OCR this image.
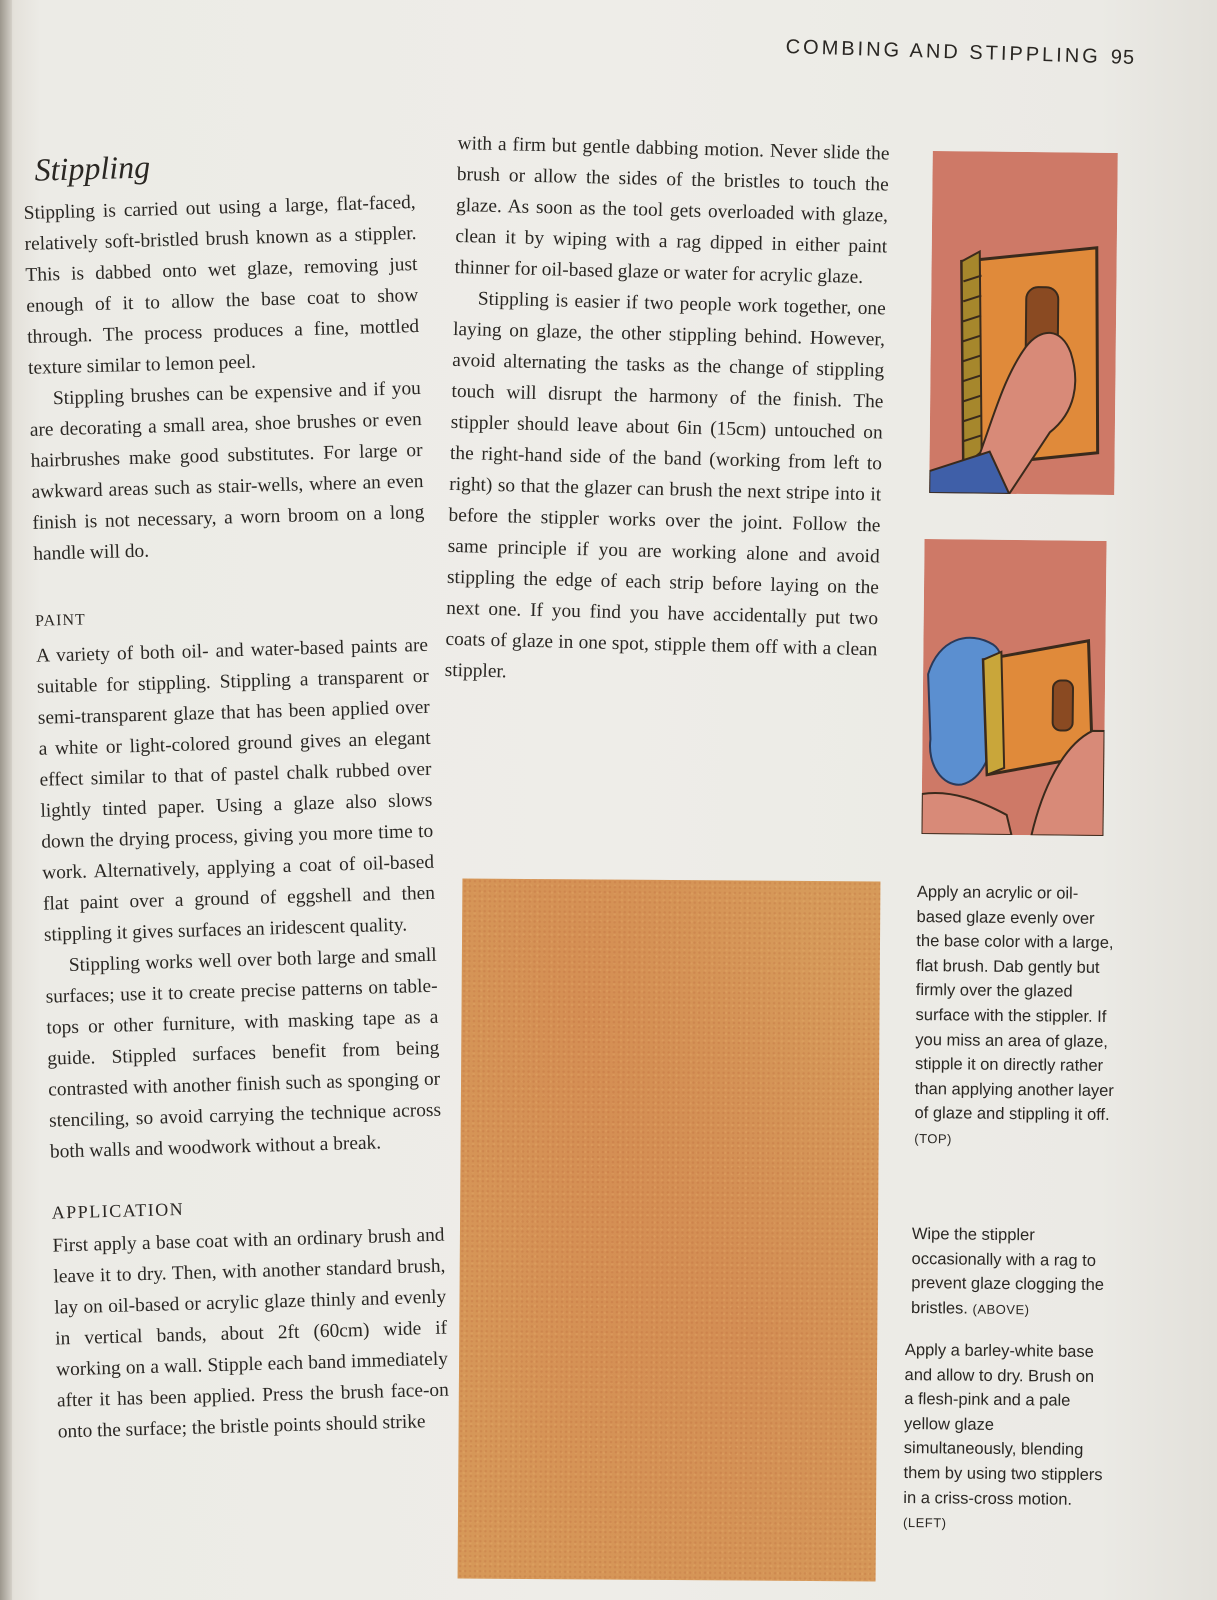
COMBING AND STIPPLING 95
Stippling

Stippling is carried out using a large, flat-faced, relatively soft-bristled brush known as a stippler. This is dabbed onto wet glaze, removing just enough of it to allow the base coat to show through. The process produces a fine, mottled texture similar to lemon peel.

Stippling brushes can be expensive and if you are decorating a small area, shoe brushes or even hairbrushes make good substitutes. For large or awkward areas such as stair-wells, where an even finish is not necessary, a worn broom on a long handle will do.

PAINT

A variety of both oil- and water-based paints are suitable for stippling. Stippling a transparent or semi-transparent glaze that has been applied over a white or light-colored ground gives an elegant effect similar to that of pastel chalk rubbed over lightly tinted paper. Using a glaze also slows down the drying process, giving you more time to work. Alternatively, applying a coat of oil-based flat paint over a ground of eggshell and then stippling it gives surfaces an iridescent quality.

Stippling works well over both large and small surfaces; use it to create precise patterns on table-tops or other furniture, with masking tape as a guide. Stippled surfaces benefit from being contrasted with another finish such as sponging or stenciling, so avoid carrying the technique across both walls and woodwork without a break.

APPLICATION

First apply a base coat with an ordinary brush and leave it to dry. Then, with another standard brush, lay on oil-based or acrylic glaze thinly and evenly in vertical bands, about 2ft (60cm) wide if working on a wall. Stipple each band immediately after it has been applied. Press the brush face-on onto the surface; the bristle points should strike

with a firm but gentle dabbing motion. Never slide the brush or allow the sides of the bristles to touch the glaze. As soon as the tool gets overloaded with glaze, clean it by wiping with a rag dipped in either paint thinner for oil-based glaze or water for acrylic glaze.

Stippling is easier if two people work together, one laying on glaze, the other stippling behind. However, avoid alternating the tasks as the change of stippling touch will disrupt the harmony of the finish. The stippler should leave about 6in (15cm) untouched on the right-hand side of the band (working from left to right) so that the glazer can brush the next stripe into it before the stippler works over the joint. Follow the same principle if you are working alone and avoid stippling the edge of each strip before laying on the next one. If you find you have accidentally put two coats of glaze in one spot, stipple them off with a clean stippler.

Apply an acrylic or oil-based glaze evenly over the base color with a large, flat brush. Dab gently but firmly over the glazed surface with the stippler. If you miss an area of glaze, stipple it on directly rather than applying another layer of glaze and stippling it off. (TOP)
Wipe the stippler occasionally with a rag to prevent glaze clogging the bristles. (ABOVE)
Apply a barley-white base and allow to dry. Brush on a flesh-pink and a pale yellow glaze simultaneously, blending them by using two stipplers in a criss-cross motion. (LEFT)
